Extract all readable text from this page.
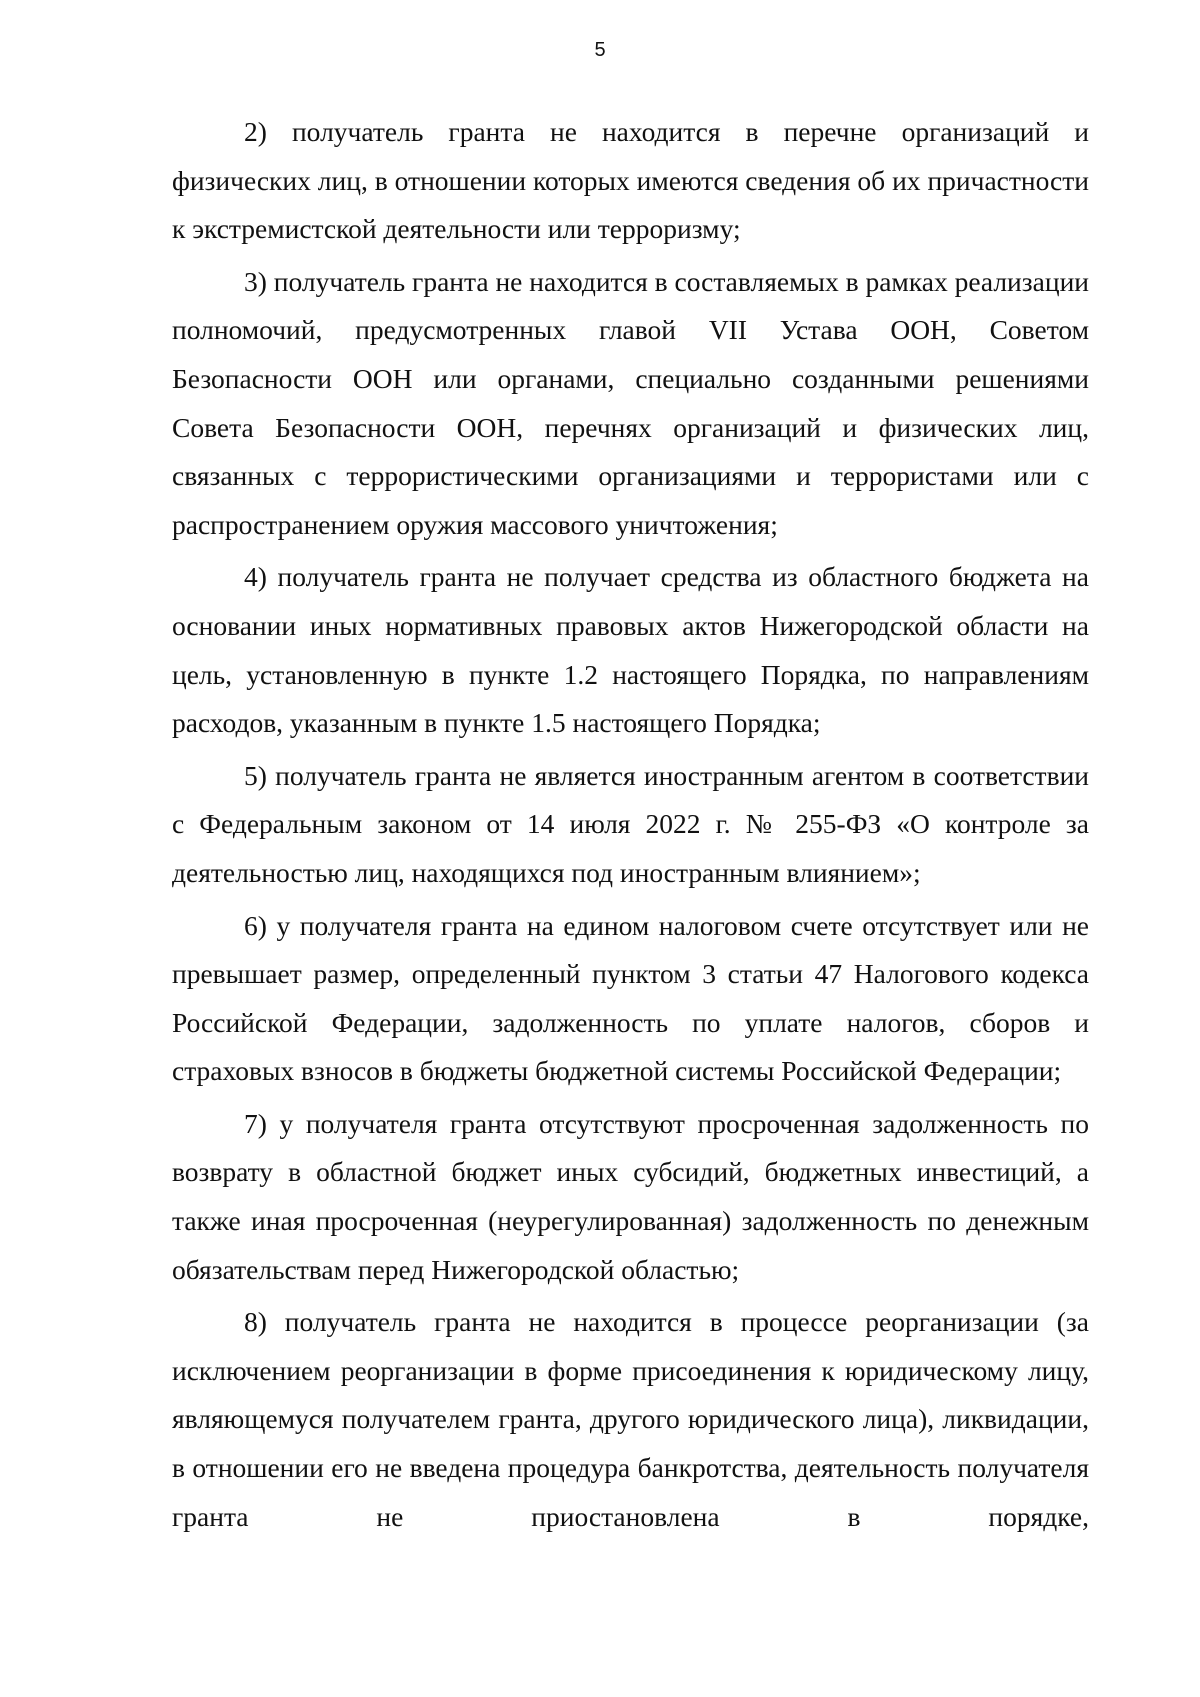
5

2) получатель гранта не находится в перечне организаций и физических лиц, в отношении которых имеются сведения об их причастности к экстремистской деятельности или терроризму;

3) получатель гранта не находится в составляемых в рамках реализации полномочий, предусмотренных главой VII Устава ООН, Советом Безопасности ООН или органами, специально созданными решениями Совета Безопасности ООН, перечнях организаций и физических лиц, связанных с террористическими организациями и террористами или с распространением оружия массового уничтожения;

4) получатель гранта не получает средства из областного бюджета на основании иных нормативных правовых актов Нижегородской области на цель, установленную в пункте 1.2 настоящего Порядка, по направлениям расходов, указанным в пункте 1.5 настоящего Порядка;

5) получатель гранта не является иностранным агентом в соответствии с Федеральным законом от 14 июля 2022 г. № 255-ФЗ «О контроле за деятельностью лиц, находящихся под иностранным влиянием»;

6) у получателя гранта на едином налоговом счете отсутствует или не превышает размер, определенный пунктом 3 статьи 47 Налогового кодекса Российской Федерации, задолженность по уплате налогов, сборов и страховых взносов в бюджеты бюджетной системы Российской Федерации;

7) у получателя гранта отсутствуют просроченная задолженность по возврату в областной бюджет иных субсидий, бюджетных инвестиций, а также иная просроченная (неурегулированная) задолженность по денежным обязательствам перед Нижегородской областью;

8) получатель гранта не находится в процессе реорганизации (за исключением реорганизации в форме присоединения к юридическому лицу, являющемуся получателем гранта, другого юридического лица), ликвидации, в отношении его не введена процедура банкротства, деятельность получателя гранта не приостановлена в порядке,
